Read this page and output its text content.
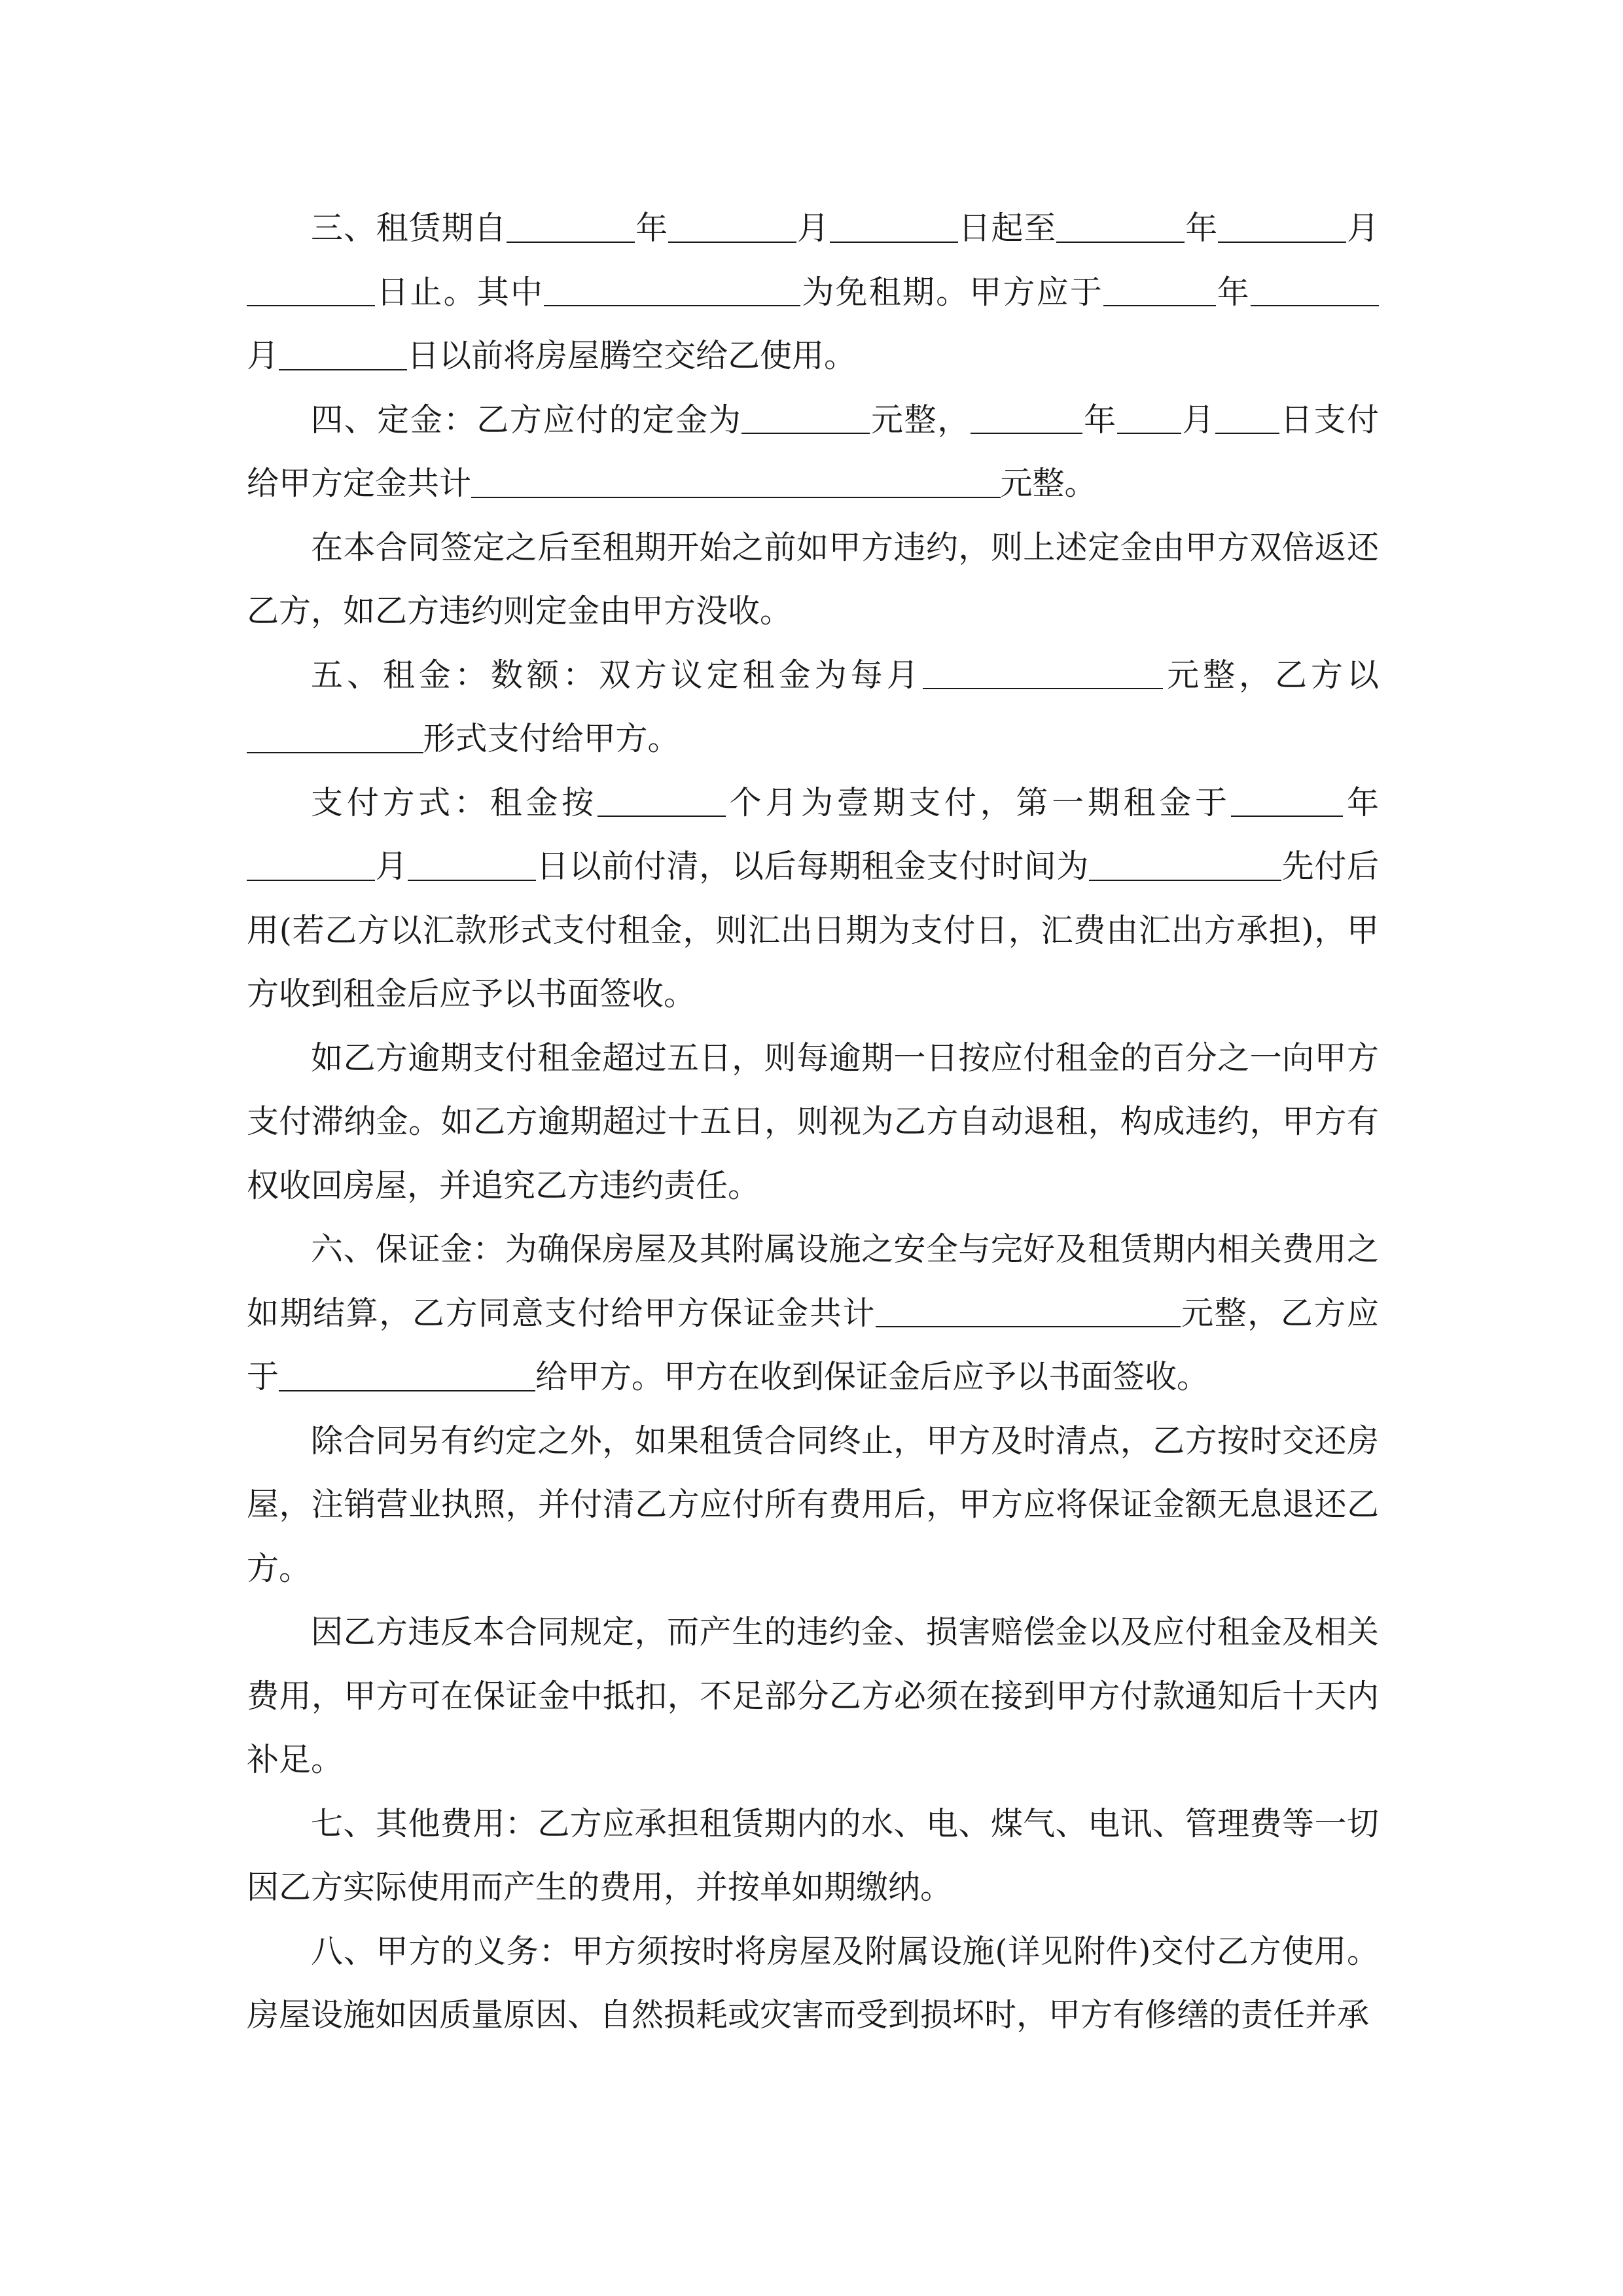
三、租赁期自	年	月	日起至	年	月日止。其中	为免租期。甲方应于	年月	日以前将房屋腾空交给乙使用。

四、定金：乙方应付的定金为	元整，	年 月 日支付给甲方定金共计	元整。

在本合同签定之后至租期开始之前如甲方违约，则上述定金由甲方双倍返还乙方，如乙方违约则定金由甲方没收。

五、租金：数额：双方议定租金为每月	元整，乙方以形式支付给甲方。

支付方式：租金按	个月为壹期支付，第一期租金于	年月	日以前付清，以后每期租金支付时间为	先付后用(若乙方以汇款形式支付租金，则汇出日期为支付日，汇费由汇出方承担)，甲方收到租金后应予以书面签收。

如乙方逾期支付租金超过五日，则每逾期一日按应付租金的百分之一向甲方支付滞纳金。如乙方逾期超过十五日，则视为乙方自动退租，构成违约，甲方有权收回房屋，并追究乙方违约责任。

六、保证金：为确保房屋及其附属设施之安全与完好及租赁期内相关费用之如期结算，乙方同意支付给甲方保证金共计	元整，乙方应于	给甲方。甲方在收到保证金后应予以书面签收。

除合同另有约定之外，如果租赁合同终止，甲方及时清点，乙方按时交还房屋，注销营业执照，并付清乙方应付所有费用后，甲方应将保证金额无息退还乙方。

因乙方违反本合同规定，而产生的违约金、损害赔偿金以及应付租金及相关费用，甲方可在保证金中抵扣，不足部分乙方必须在接到甲方付款通知后十天内补足。

七、其他费用：乙方应承担租赁期内的水、电、煤气、电讯、管理费等一切因乙方实际使用而产生的费用，并按单如期缴纳。

八、甲方的义务：甲方须按时将房屋及附属设施(详见附件)交付乙方使用。房屋设施如因质量原因、自然损耗或灾害而受到损坏时，甲方有修缮的责任并承
